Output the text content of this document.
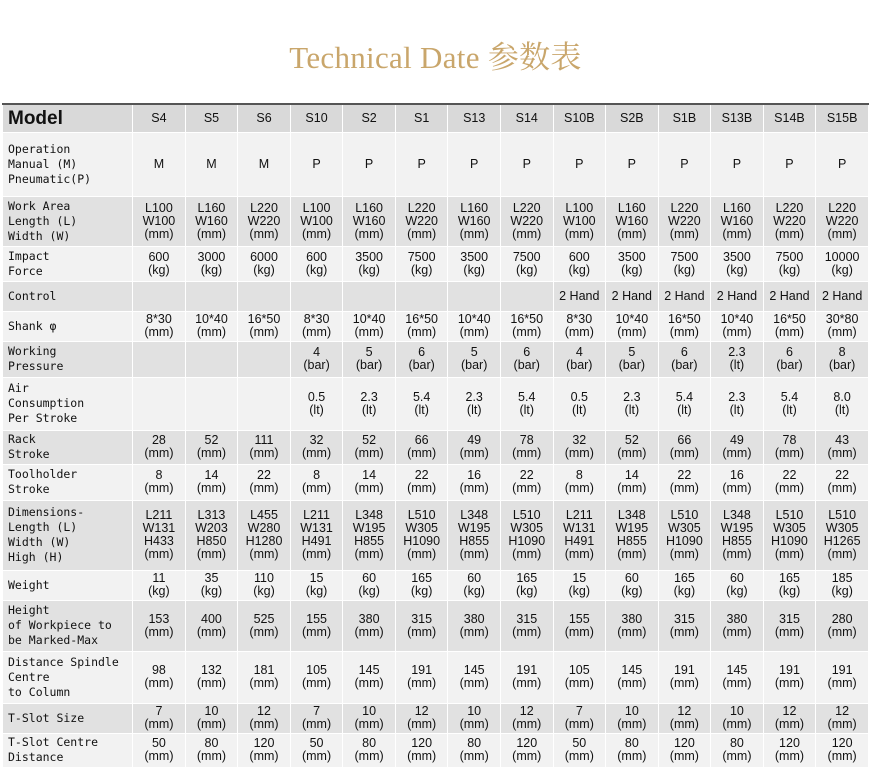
Technical Date 参数表
Model	S4	S5	S6	S10	S2	S1	S13	S14	S10B	S2B	S1B	S13B	S14B	S15B

Operation
Manual (M)
Pneumatic(P)	M	M	M	P	P	P	P	P	P	P	P	P	P	P

Work Area
Length (L)
Width (W)	L100
W100
(mm)	L160
W160
(mm)	L220
W220
(mm)	L100
W100
(mm)	L160
W160
(mm)	L220
W220
(mm)	L160
W160
(mm)	L220
W220
(mm)	L100
W100
(mm)	L160
W160
(mm)	L220
W220
(mm)	L160
W160
(mm)	L220
W220
(mm)	L220
W220
(mm)

Impact
Force	600
(kg)	3000
(kg)	6000
(kg)	600
(kg)	3500
(kg)	7500
(kg)	3500
(kg)	7500
(kg)	600
(kg)	3500
(kg)	7500
(kg)	3500
(kg)	7500
(kg)	10000
(kg)

Control									2 Hand	2 Hand	2 Hand	2 Hand	2 Hand	2 Hand

Shank φ	8*30
(mm)	10*40
(mm)	16*50
(mm)	8*30
(mm)	10*40
(mm)	16*50
(mm)	10*40
(mm)	16*50
(mm)	8*30
(mm)	10*40
(mm)	16*50
(mm)	10*40
(mm)	16*50
(mm)	30*80
(mm)

Working
Pressure				4
(bar)	5
(bar)	6
(bar)	5
(bar)	6
(bar)	4
(bar)	5
(bar)	6
(bar)	2.3
(lt)	6
(bar)	8
(bar)

Air
Consumption
Per Stroke				0.5
(lt)	2.3
(lt)	5.4
(lt)	2.3
(lt)	5.4
(lt)	0.5
(lt)	2.3
(lt)	5.4
(lt)	2.3
(lt)	5.4
(lt)	8.0
(lt)

Rack
Stroke	28
(mm)	52
(mm)	111
(mm)	32
(mm)	52
(mm)	66
(mm)	49
(mm)	78
(mm)	32
(mm)	52
(mm)	66
(mm)	49
(mm)	78
(mm)	43
(mm)

Toolholder
Stroke	8
(mm)	14
(mm)	22
(mm)	8
(mm)	14
(mm)	22
(mm)	16
(mm)	22
(mm)	8
(mm)	14
(mm)	22
(mm)	16
(mm)	22
(mm)	22
(mm)

Dimensions-
Length (L)
Width (W)
High (H)	L211
W131
H433
(mm)	L313
W203
H850
(mm)	L455
W280
H1280
(mm)	L211
W131
H491
(mm)	L348
W195
H855
(mm)	L510
W305
H1090
(mm)	L348
W195
H855
(mm)	L510
W305
H1090
(mm)	L211
W131
H491
(mm)	L348
W195
H855
(mm)	L510
W305
H1090
(mm)	L348
W195
H855
(mm)	L510
W305
H1090
(mm)	L510
W305
H1265
(mm)

Weight	11
(kg)	35
(kg)	110
(kg)	15
(kg)	60
(kg)	165
(kg)	60
(kg)	165
(kg)	15
(kg)	60
(kg)	165
(kg)	60
(kg)	165
(kg)	185
(kg)

Height
of Workpiece to
be Marked-Max	153
(mm)	400
(mm)	525
(mm)	155
(mm)	380
(mm)	315
(mm)	380
(mm)	315
(mm)	155
(mm)	380
(mm)	315
(mm)	380
(mm)	315
(mm)	280
(mm)

Distance Spindle
Centre
to Column	98
(mm)	132
(mm)	181
(mm)	105
(mm)	145
(mm)	191
(mm)	145
(mm)	191
(mm)	105
(mm)	145
(mm)	191
(mm)	145
(mm)	191
(mm)	191
(mm)

T-Slot Size	7
(mm)	10
(mm)	12
(mm)	7
(mm)	10
(mm)	12
(mm)	10
(mm)	12
(mm)	7
(mm)	10
(mm)	12
(mm)	10
(mm)	12
(mm)	12
(mm)

T-Slot Centre
Distance	50
(mm)	80
(mm)	120
(mm)	50
(mm)	80
(mm)	120
(mm)	80
(mm)	120
(mm)	50
(mm)	80
(mm)	120
(mm)	80
(mm)	120
(mm)	120
(mm)
